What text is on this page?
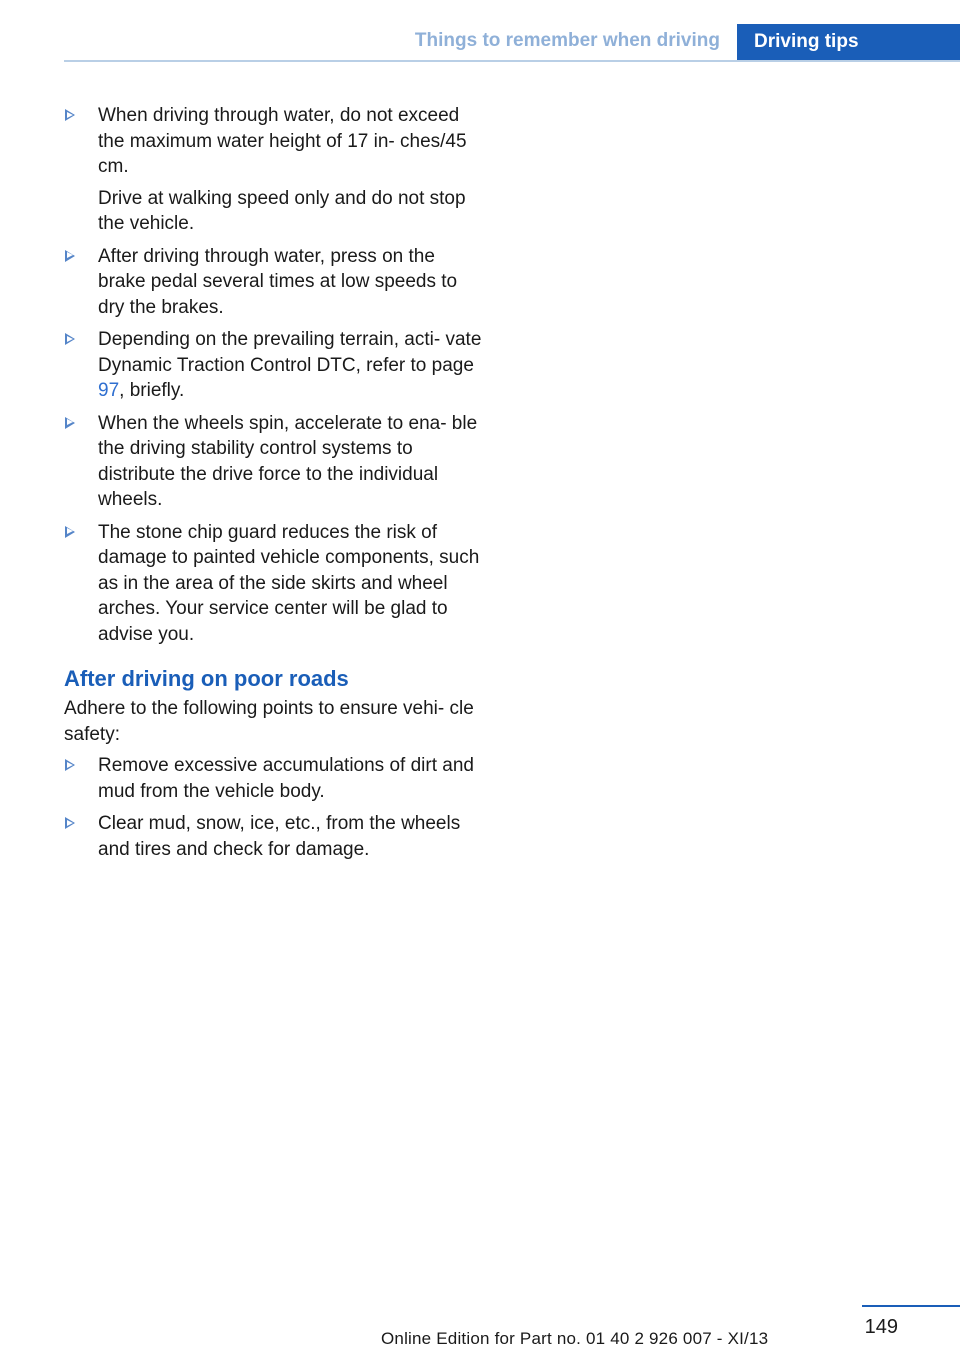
Things to remember when driving Driving tips

When driving through water, do not exceed the maximum water height of 17 in‐ ches/45 cm.

Drive at walking speed only and do not stop the vehicle.

After driving through water, press on the brake pedal several times at low speeds to dry the brakes.

Depending on the prevailing terrain, acti‐ vate Dynamic Traction Control DTC, refer to page 97, briefly.

When the wheels spin, accelerate to ena‐ ble the driving stability control systems to distribute the drive force to the individual wheels.

The stone chip guard reduces the risk of damage to painted vehicle components, such as in the area of the side skirts and wheel arches. Your service center will be glad to advise you.

After driving on poor roads

Adhere to the following points to ensure vehi‐ cle safety:

Remove excessive accumulations of dirt and mud from the vehicle body.

Clear mud, snow, ice, etc., from the wheels and tires and check for damage.

149
Online Edition for Part no. 01 40 2 926 007 - XI/13
